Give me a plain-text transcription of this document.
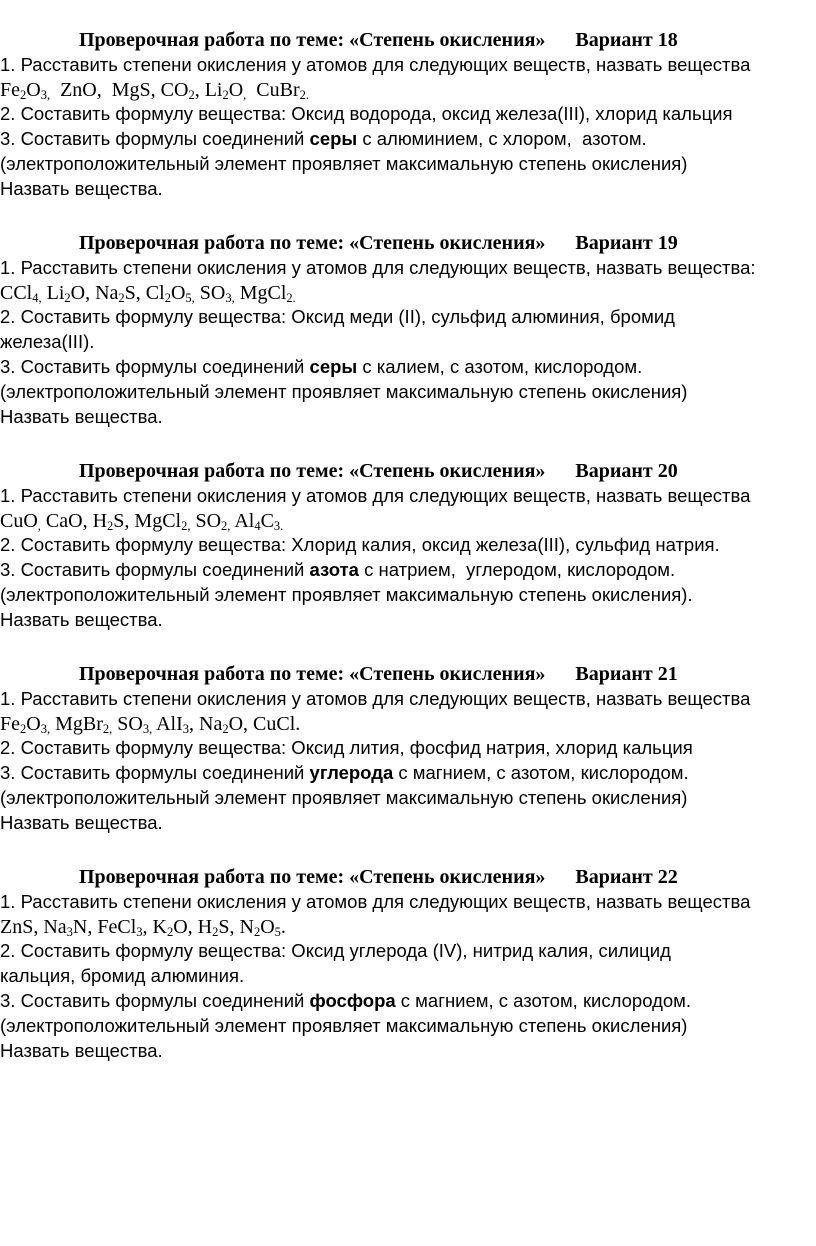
Проверочная работа по теме: «Степень окисления» Вариант 18
1. Расставить степени окисления у атомов для следующих веществ, назвать вещества
$Fe_2O_{3,}$  ZnO,  MgS, $CO_2$, $Li_2O_,$  CuBr$_{2.}$
2. Составить формулу вещества: Оксид водорода, оксид железа(III), хлорид кальция
3. Составить формулы соединений серы с алюминием, с хлором,  азотом.
(электроположительный элемент проявляет максимальную степень окисления)
Назвать вещества.
Проверочная работа по теме: «Степень окисления» Вариант 19
1. Расставить степени окисления у атомов для следующих веществ, назвать вещества:
CCl$_{4,}$ $Li_2O$, $Na_2S$, $Cl_2O_{5,}$ $SO_{3,}$ MgCl$_{2.}$
2. Составить формулу вещества: Оксид меди (II), сульфид алюминия, бромид
железа(III).
3. Составить формулы соединений серы с калием, с азотом, кислородом.
(электроположительный элемент проявляет максимальную степень окисления)
Назвать вещества.
Проверочная работа по теме: «Степень окисления» Вариант 20
1. Расставить степени окисления у атомов для следующих веществ, назвать вещества
CuO$_,$ CaO, $H_2S$, MgCl$_{2,}$ $SO_{2,}$ $Al_4C_{3.}$
2. Составить формулу вещества: Хлорид калия, оксид железа(III), сульфид натрия.
3. Составить формулы соединений азота с натрием,  углеродом, кислородом.
(электроположительный элемент проявляет максимальную степень окисления).
Назвать вещества.
Проверочная работа по теме: «Степень окисления» Вариант 21
1. Расставить степени окисления у атомов для следующих веществ, назвать вещества
$Fe_2O_{3,}$ MgBr$_{2,}$ $SO_{3,}$ AlI$_3$, $Na_2O$, CuCl.
2. Составить формулу вещества: Оксид лития, фосфид натрия, хлорид кальция
3. Составить формулы соединений углерода с магнием, с азотом, кислородом.
(электроположительный элемент проявляет максимальную степень окисления)
Назвать вещества.
Проверочная работа по теме: «Степень окисления» Вариант 22
1. Расставить степени окисления у атомов для следующих веществ, назвать вещества
ZnS, $Na_3N$, FeCl$_3$, $K_2O$, $H_2S$, $N_2O_5$.
2. Составить формулу вещества: Оксид углерода (IV), нитрид калия, силицид
кальция, бромид алюминия.
3. Составить формулы соединений фосфора с магнием, с азотом, кислородом.
(электроположительный элемент проявляет максимальную степень окисления)
Назвать вещества.
